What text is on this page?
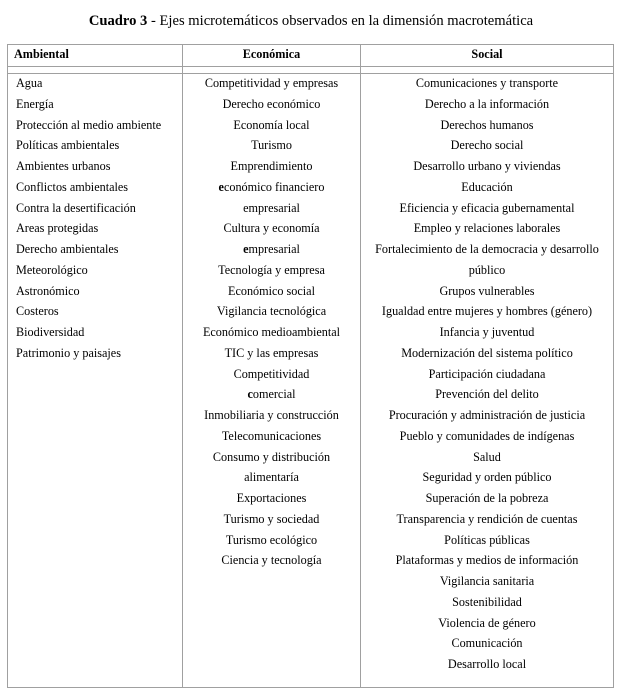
Cuadro 3 - Ejes microtemáticos observados en la dimensión macrotemática
Ambiental	Económica	Social
Agua
Energía
Protección al medio ambiente
Políticas ambientales
Ambientes urbanos
Conflictos ambientales
Contra la desertificación
Areas protegidas
Derecho ambientales
Meteorológico
Astronómico
Costeros
Biodiversidad
Patrimonio y paisajes
Competitividad y empresas
Derecho económico
Economía local
Turismo
Emprendimiento
económico financiero
empresarial
Cultura y economía
empresarial
Tecnología y empresa
Económico social
Vigilancia tecnológica
Económico medioambiental
TIC y las empresas
Competitividad
comercial
Inmobiliaria y construcción
Telecomunicaciones
Consumo y distribución
alimentaría
Exportaciones
Turismo y sociedad
Turismo ecológico
Ciencia y tecnología
Comunicaciones y transporte
Derecho a la información
Derechos humanos
Derecho social
Desarrollo urbano y viviendas
Educación
Eficiencia y eficacia gubernamental
Empleo y relaciones laborales
Fortalecimiento de la democracia y desarrollo público
Grupos vulnerables
Igualdad entre mujeres y hombres (género)
Infancia y juventud
Modernización del sistema político
Participación ciudadana
Prevención del delito
Procuración y administración de justicia
Pueblo y comunidades de indígenas
Salud
Seguridad y orden público
Superación de la pobreza
Transparencia y rendición de cuentas
Políticas públicas
Plataformas y medios de información
Vigilancia sanitaria
Sostenibilidad
Violencia de género
Comunicación
Desarrollo local
